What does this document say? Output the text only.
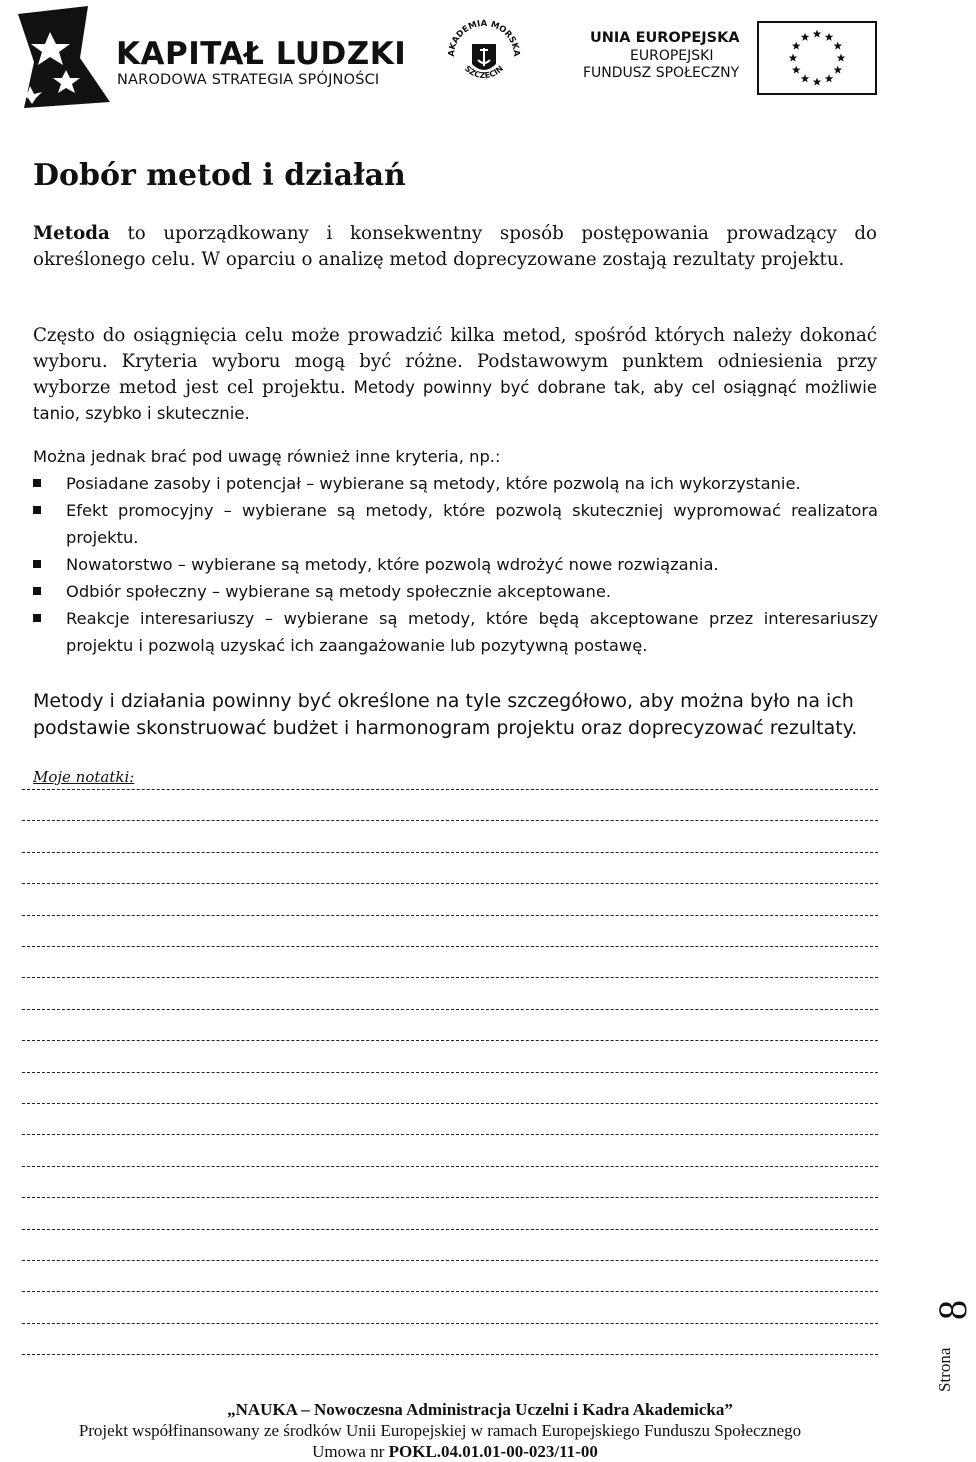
KAPITAŁ LUDZKI
NARODOWA STRATEGIA SPÓJNOŚCI
AKADEMIA MORSKA
SZCZECIN
UNIA EUROPEJSKA
EUROPEJSKI
FUNDUSZ SPOŁECZNY
Dobór metod i działań
Metoda to uporządkowany i konsekwentny sposób postępowania prowadzący do określonego celu. W oparciu o analizę metod doprecyzowane zostają rezultaty projektu.
Często do osiągnięcia celu może prowadzić kilka metod, spośród których należy dokonać wyboru. Kryteria wyboru mogą być różne. Podstawowym punktem odniesienia przy wyborze metod jest cel projektu. Metody powinny być dobrane tak, aby cel osiągnąć możliwie tanio, szybko i skutecznie.
Można jednak brać pod uwagę również inne kryteria, np.:
Posiadane zasoby i potencjał – wybierane są metody, które pozwolą na ich wykorzystanie.
Efekt promocyjny – wybierane są metody, które pozwolą skuteczniej wypromować realizatora projektu.
Nowatorstwo – wybierane są metody, które pozwolą wdrożyć nowe rozwiązania.
Odbiór społeczny – wybierane są metody społecznie akceptowane.
Reakcje interesariuszy – wybierane są metody, które będą akceptowane przez interesariuszy projektu i pozwolą uzyskać ich zaangażowanie lub pozytywną postawę.
Metody i działania powinny być określone na tyle szczegółowo, aby można było na ich podstawie skonstruować budżet i harmonogram projektu oraz doprecyzować rezultaty.
Moje notatki:
Strona
8
„NAUKA – Nowoczesna Administracja Uczelni i Kadra Akademicka”
Projekt współfinansowany ze środków Unii Europejskiej w ramach Europejskiego Funduszu Społecznego
Umowa nr POKL.04.01.01-00-023/11-00
